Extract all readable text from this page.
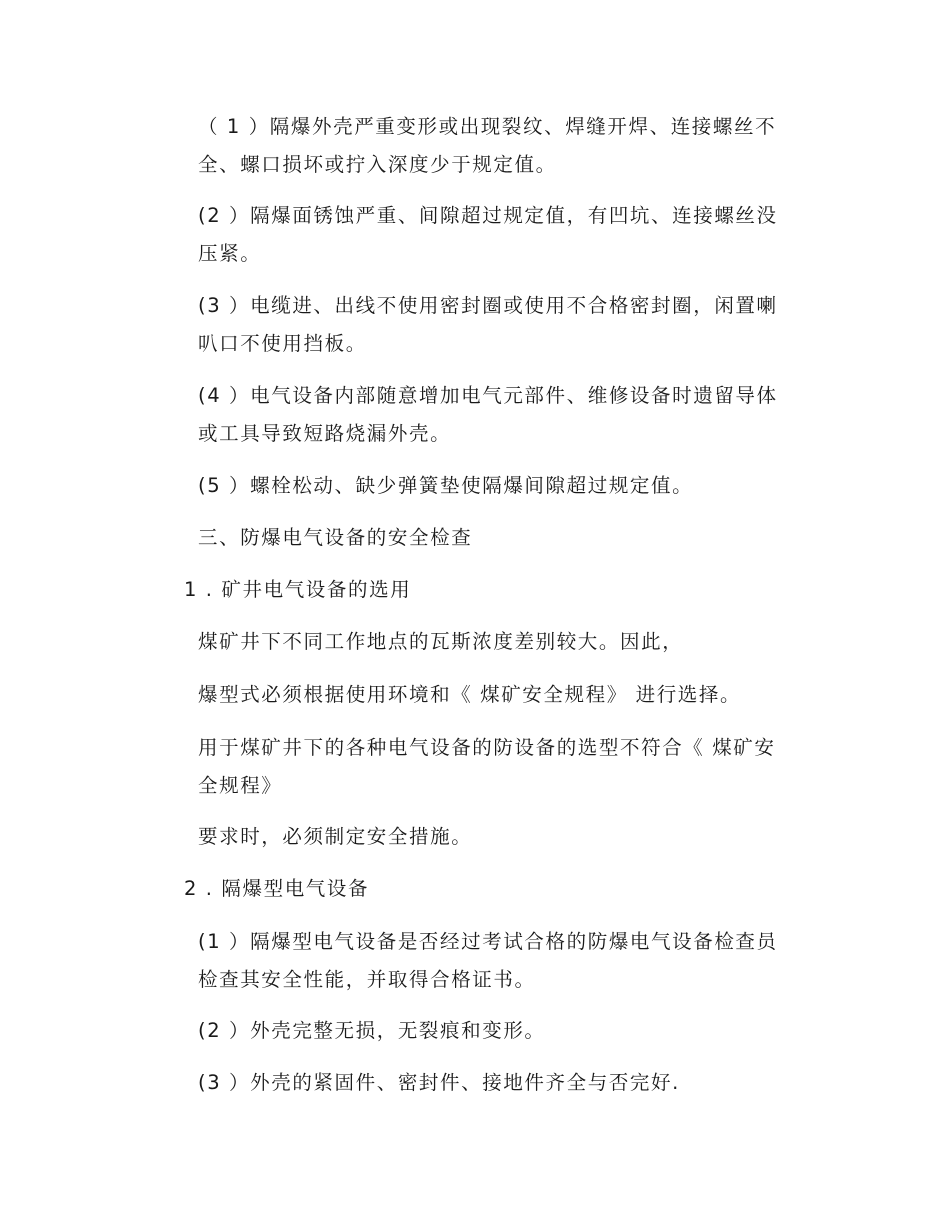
（ 1 ）隔爆外壳严重变形或出现裂纹、焊缝开焊、连接螺丝不
全、螺口损坏或拧入深度少于规定值。

(2 ）隔爆面锈蚀严重、间隙超过规定值，有凹坑、连接螺丝没
压紧。

(3 ）电缆进、出线不使用密封圈或使用不合格密封圈，闲置喇
叭口不使用挡板。

(4 ）电气设备内部随意增加电气元部件、维修设备时遗留导体
或工具导致短路烧漏外壳。

(5 ）螺栓松动、缺少弹簧垫使隔爆间隙超过规定值。

三、防爆电气设备的安全检查

1 . 矿井电气设备的选用

煤矿井下不同工作地点的瓦斯浓度差别较大。因此，

爆型式必须根据使用环境和《 煤矿安全规程》 进行选择。

用于煤矿井下的各种电气设备的防设备的选型不符合《 煤矿安
全规程》

要求时，必须制定安全措施。

2 . 隔爆型电气设备

(1 ）隔爆型电气设备是否经过考试合格的防爆电气设备检查员
检查其安全性能，并取得合格证书。

(2 ）外壳完整无损，无裂痕和变形。

(3 ）外壳的紧固件、密封件、接地件齐全与否完好.
